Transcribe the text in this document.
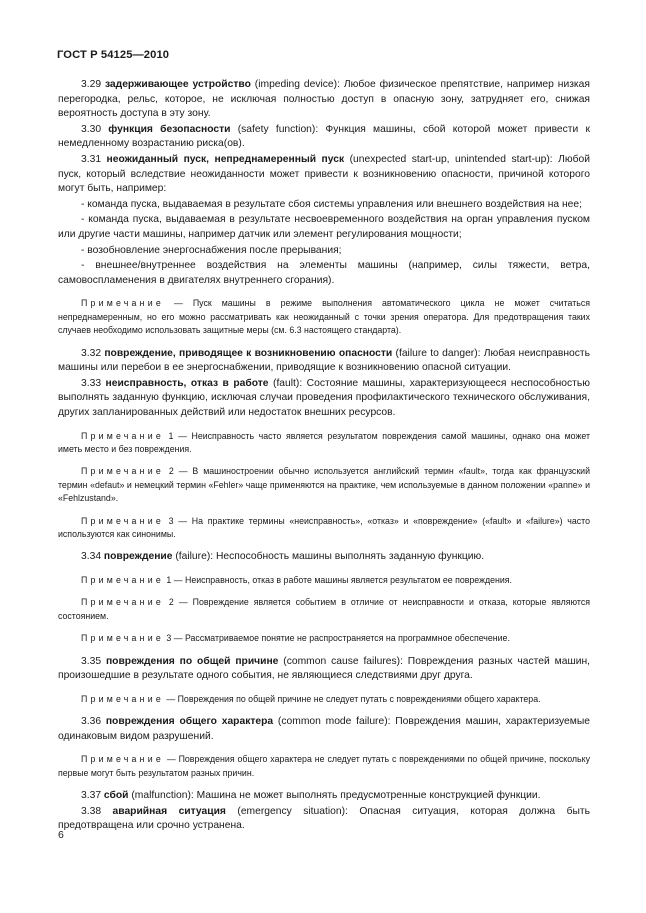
ГОСТ Р 54125—2010

3.29 задерживающее устройство (impeding device): Любое физическое препятствие, например низкая перегородка, рельс, которое, не исключая полностью доступ в опасную зону, затрудняет его, снижая вероятность доступа в эту зону.

3.30 функция безопасности (safety function): Функция машины, сбой которой может привести к немедленному возрастанию риска(ов).

3.31 неожиданный пуск, непреднамеренный пуск (unexpected start-up, unintended start-up): Любой пуск, который вследствие неожиданности может привести к возникновению опасности, причиной которого могут быть, например:

- команда пуска, выдаваемая в результате сбоя системы управления или внешнего воздействия на нее;

- команда пуска, выдаваемая в результате несвоевременного воздействия на орган управления пуском или другие части машины, например датчик или элемент регулирования мощности;

- возобновление энергоснабжения после прерывания;

- внешнее/внутреннее воздействия на элементы машины (например, силы тяжести, ветра, самовоспламенения в двигателях внутреннего сгорания).

Примечание — Пуск машины в режиме выполнения автоматического цикла не может считаться непреднамеренным, но его можно рассматривать как неожиданный с точки зрения оператора. Для предотвращения таких случаев необходимо использовать защитные меры (см. 6.3 настоящего стандарта).

3.32 повреждение, приводящее к возникновению опасности (failure to danger): Любая неисправность машины или перебои в ее энергоснабжении, приводящие к возникновению опасной ситуации.

3.33 неисправность, отказ в работе (fault): Состояние машины, характеризующееся неспособностью выполнять заданную функцию, исключая случаи проведения профилактического технического обслуживания, других запланированных действий или недостаток внешних ресурсов.

Примечание 1 — Неисправность часто является результатом повреждения самой машины, однако она может иметь место и без повреждения.

Примечание 2 — В машиностроении обычно используется английский термин «fault», тогда как французский термин «defaut» и немецкий термин «Fehler» чаще применяются на практике, чем используемые в данном положении «panne» и «Fehlzustand».

Примечание 3 — На практике термины «неисправность», «отказ» и «повреждение» («fault» и «failure») часто используются как синонимы.

3.34 повреждение (failure): Неспособность машины выполнять заданную функцию.

Примечание 1 — Неисправность, отказ в работе машины является результатом ее повреждения.

Примечание 2 — Повреждение является событием в отличие от неисправности и отказа, которые являются состоянием.

Примечание 3 — Рассматриваемое понятие не распространяется на программное обеспечение.

3.35 повреждения по общей причине (common cause failures): Повреждения разных частей машин, произошедшие в результате одного события, не являющиеся следствиями друг друга.

Примечание — Повреждения по общей причине не следует путать с повреждениями общего характера.

3.36 повреждения общего характера (common mode failure): Повреждения машин, характеризуемые одинаковым видом разрушений.

Примечание — Повреждения общего характера не следует путать с повреждениями по общей причине, поскольку первые могут быть результатом разных причин.

3.37 сбой (malfunction): Машина не может выполнять предусмотренные конструкцией функции.

3.38 аварийная ситуация (emergency situation): Опасная ситуация, которая должна быть предотвращена или срочно устранена.

6
